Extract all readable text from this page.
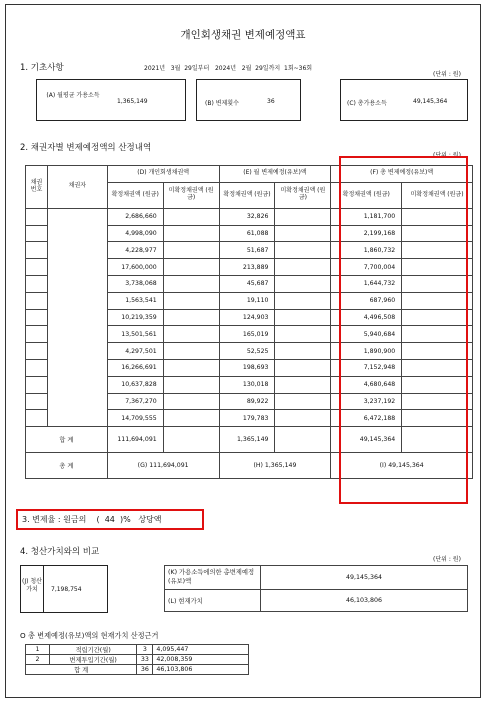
개인회생채권 변제예정액표
1. 기초사항	2021년   3월  29일부터   2024년   2월  29일까지  1회~36회
(단위 : 원)
(A) 월평균 가용소득
1,365,149	(B) 변제횟수	36	(C) 총가용소득	49,145,364
2. 채권자별 변제예정액의 산정내역
(단위 : 원)
채권 번호	채권자	(D) 개인회생채권액		(E) 월 변제예정(유보)액		(F) 총 변제예정(유보)액	
		확정채권액 (원금)	미확정채권액 (원금)	확정채권액 (원금)	미확정채권액 (원금)	확정채권액 (원금)	미확정채권액 (원금)
		2,686,660		32,826		1,181,700	
		4,998,090		61,088		2,199,168	
		4,228,977		51,687		1,860,732	
		17,600,000		213,889		7,700,004	
		3,738,068		45,687		1,644,732	
		1,563,541		19,110		687,960	
		10,219,359		124,903		4,496,508	
		13,501,561		165,019		5,940,684	
		4,297,501		52,525		1,890,900	
		16,266,691		198,693		7,152,948	
		10,637,828		130,018		4,680,648	
		7,367,270		89,922		3,237,192	
		14,709,555		179,783		6,472,188	
합 계		111,694,091		1,365,149		49,145,364	
총 계		(G) 111,694,091		(H) 1,365,149		(I) 49,145,364	
3. 변제율 : 원금의    (  44  )%   상당액
4. 청산가치와의 비교
(단위 : 원)
(J) 청산 가치	7,198,754
(K) 가용소득에의한 총변제예정(유보)액	49,145,364
(L) 현재가치	46,103,806
O 총 변제예정(유보)액의 현재가치 산정근거
1	적립기간(월)	3	4,095,447
2	변제투입기간(월)	33	42,008,359
합 계		36	46,103,806
